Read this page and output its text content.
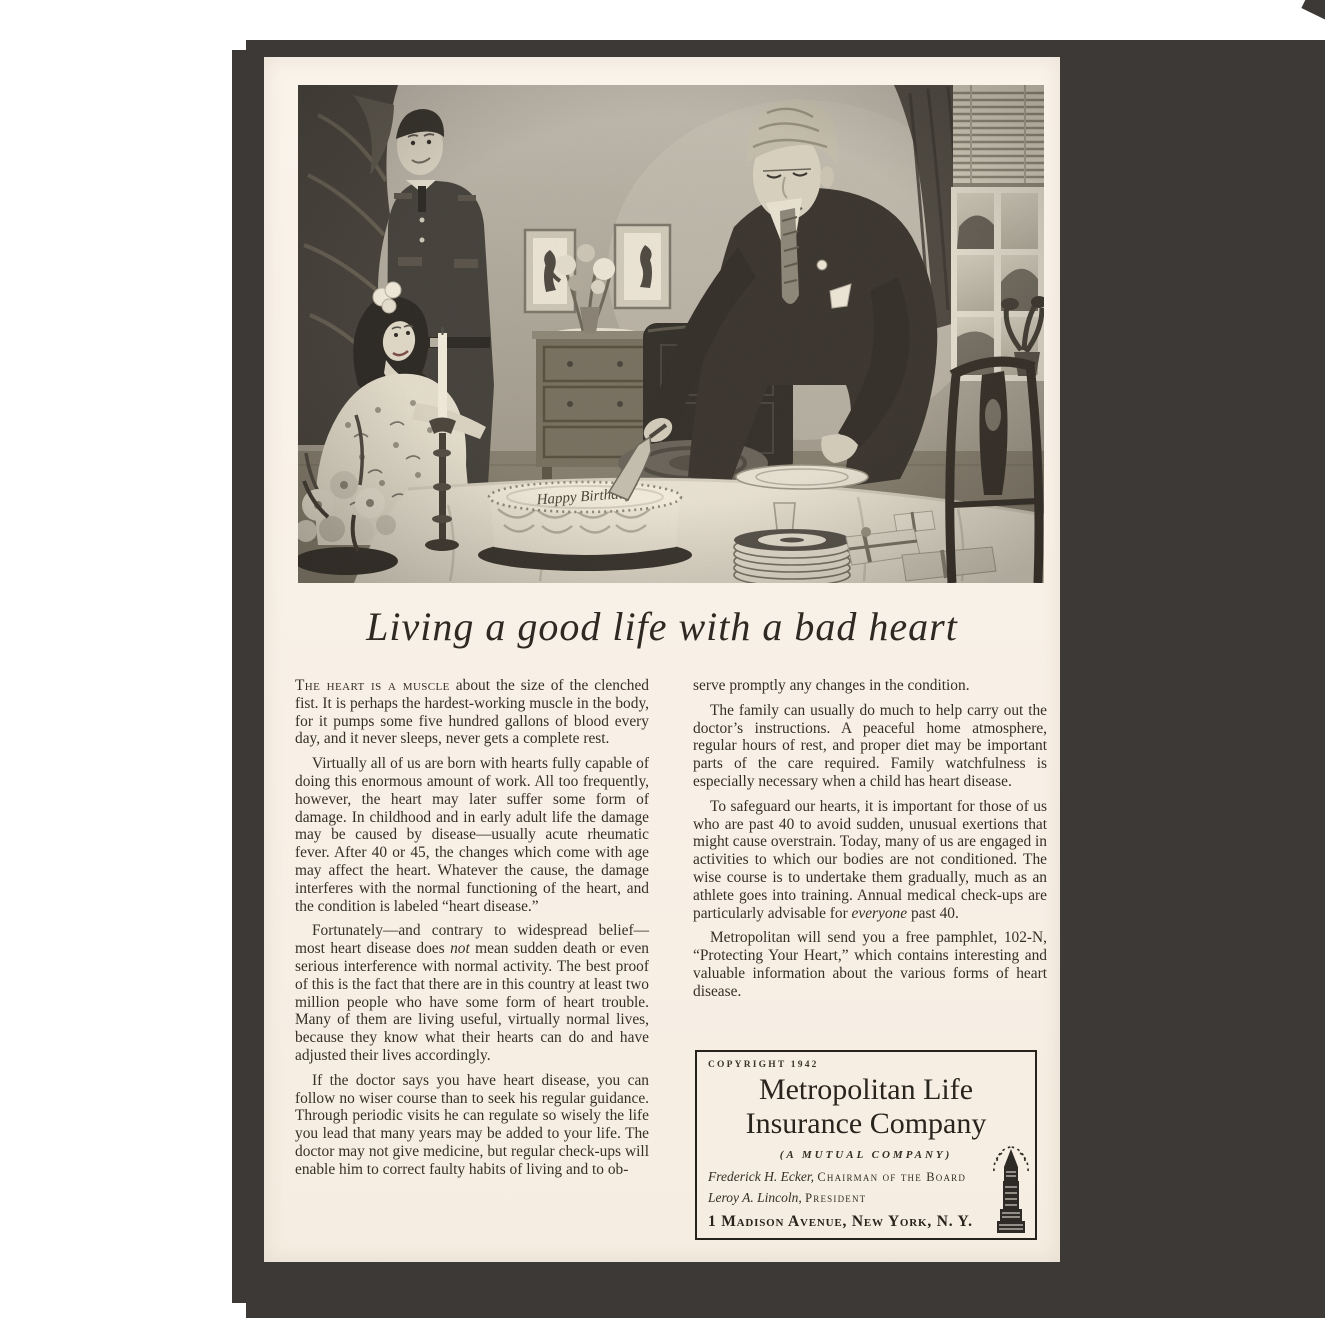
Living a good life with a bad heart

The heart is a muscle about the size of the clenched fist. It is perhaps the hardest-working muscle in the body, for it pumps some five hundred gallons of blood every day, and it never sleeps, never gets a complete rest.

Virtually all of us are born with hearts fully capable of doing this enormous amount of work. All too frequently, however, the heart may later suffer some form of damage. In childhood and in early adult life the damage may be caused by disease—usually acute rheumatic fever. After 40 or 45, the changes which come with age may affect the heart. Whatever the cause, the damage interferes with the normal functioning of the heart, and the condition is labeled “heart disease.”

Fortunately—and contrary to widespread belief—most heart disease does not mean sudden death or even serious interference with normal activity. The best proof of this is the fact that there are in this country at least two million people who have some form of heart trouble. Many of them are living useful, virtually normal lives, because they know what their hearts can do and have adjusted their lives accordingly.

If the doctor says you have heart disease, you can follow no wiser course than to seek his regular guidance. Through periodic visits he can regulate so wisely the life you lead that many years may be added to your life. The doctor may not give medicine, but regular check-ups will enable him to correct faulty habits of living and to ob-

serve promptly any changes in the condition.

The family can usually do much to help carry out the doctor’s instructions. A peaceful home atmosphere, regular hours of rest, and proper diet may be important parts of the care required. Family watchfulness is especially necessary when a child has heart disease.

To safeguard our hearts, it is important for those of us who are past 40 to avoid sudden, unusual exertions that might cause overstrain. Today, many of us are engaged in activities to which our bodies are not conditioned. The wise course is to undertake them gradually, much as an athlete goes into training. Annual medical check-ups are particularly advisable for everyone past 40.

Metropolitan will send you a free pamphlet, 102-N, “Protecting Your Heart,” which contains interesting and valuable information about the various forms of heart disease.

COPYRIGHT 1942
Metropolitan Life
Insurance Company
(A MUTUAL COMPANY)
Frederick H. Ecker, Chairman of the Board
Leroy A. Lincoln, President
1 Madison Avenue, New York, N. Y.
